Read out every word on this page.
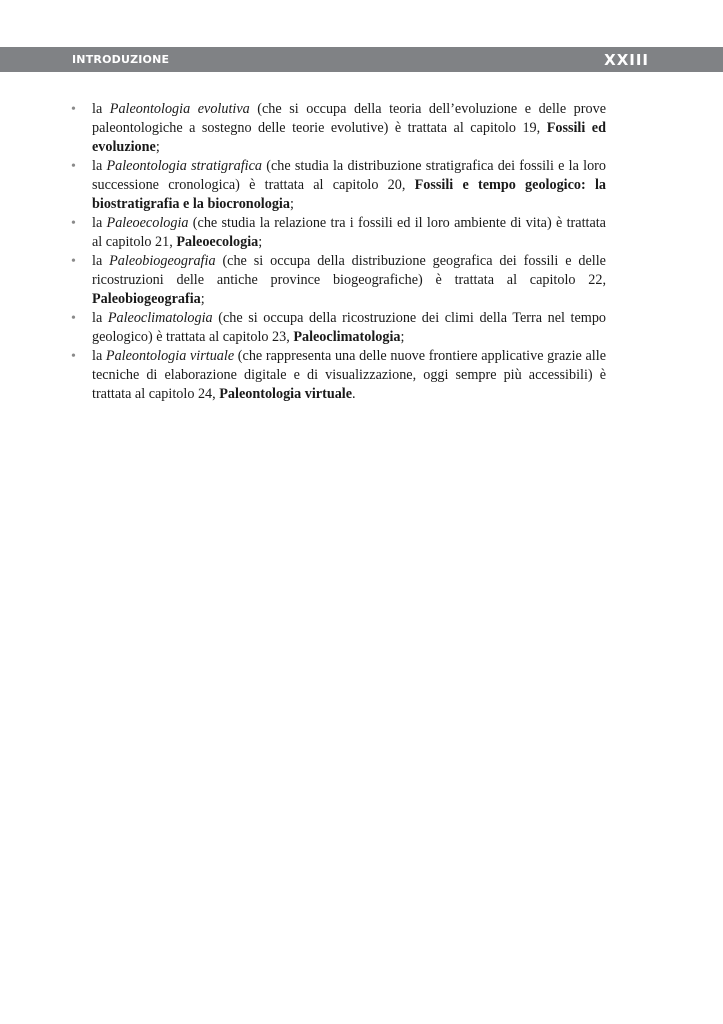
INTRODUZIONE	XXIII
• la Paleontologia evolutiva (che si occupa della teoria dell’evoluzione e delle prove paleontologiche a sostegno delle teorie evolutive) è trattata al capitolo 19, Fossili ed evoluzione;
• la Paleontologia stratigrafica (che studia la distribuzione stratigrafica dei fossili e la loro successione cronologica) è trattata al capitolo 20, Fossili e tempo geologico: la biostratigrafia e la biocronologia;
• la Paleoecologia (che studia la relazione tra i fossili ed il loro ambiente di vita) è trattata al capitolo 21, Paleoecologia;
• la Paleobiogeografia (che si occupa della distribuzione geografica dei fossili e delle ricostruzioni delle antiche province biogeografiche) è trattata al capitolo 22, Paleobiogeografia;
• la Paleoclimatologia (che si occupa della ricostruzione dei climi della Terra nel tempo geologico) è trattata al capitolo 23, Paleoclimatologia;
• la Paleontologia virtuale (che rappresenta una delle nuove frontiere applicative grazie alle tecniche di elaborazione digitale e di visualizzazione, oggi sempre più accessibili) è trattata al capitolo 24, Paleontologia virtuale.
